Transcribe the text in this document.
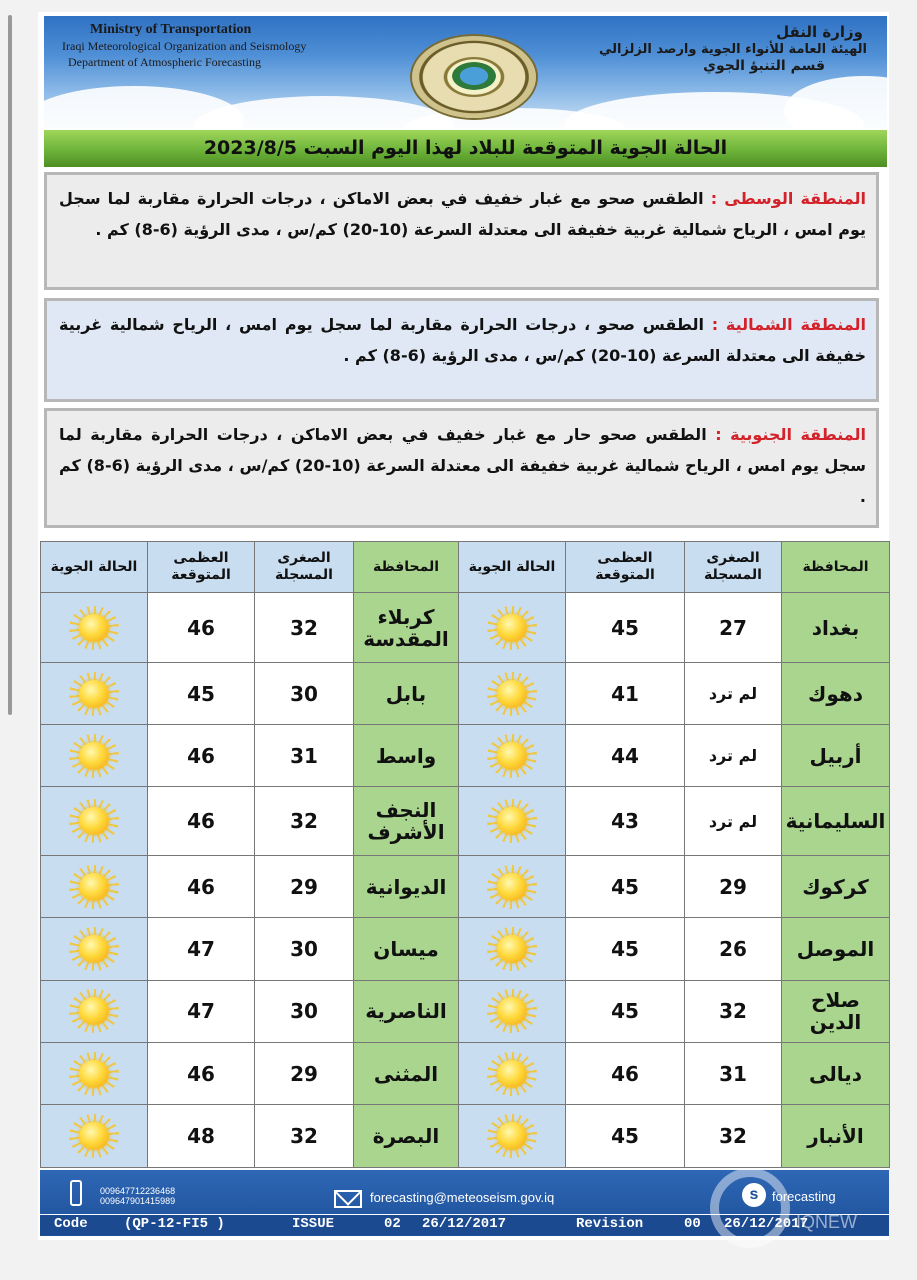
Ministry of Transportation
Iraqi Meteorological Organization and Seismology
Department of Atmospheric Forecasting
وزارة النقل
الهيئة العامة للأنواء الجوية وارصد الزلزالي
قسم التنبؤ الجوي
الحالة الجوية المتوقعة للبلاد لهذا اليوم السبت 2023/8/5
المنطقة الوسطى : الطقس صحو مع غبار خفيف في بعض الاماكن ، درجات الحرارة مقاربة لما سجل يوم امس ، الرياح شمالية غربية خفيفة الى معتدلة السرعة (10-20) كم/س ، مدى الرؤية (6-8) كم .
المنطقة الشمالية : الطقس صحو ، درجات الحرارة مقاربة لما سجل يوم امس ، الرياح شمالية غربية خفيفة الى معتدلة السرعة (10-20) كم/س ، مدى الرؤية (6-8) كم .
المنطقة الجنوبية : الطقس صحو حار مع غبار خفيف في بعض الاماكن ، درجات الحرارة مقاربة لما سجل يوم امس ، الرياح شمالية غربية خفيفة الى معتدلة السرعة (10-20) كم/س ، مدى الرؤية (6-8) كم .
الحالة الجوية	العظمى المتوقعة	الصغرى المسجلة	المحافظة	الحالة الجوية	العظمى المتوقعة	الصغرى المسجلة	المحافظة

	46	32	كربلاء المقدسة		45	27	بغداد

	45	30	بابل		41	لم ترد	دهوك

	46	31	واسط		44	لم ترد	أربيل

	46	32	النجف الأشرف		43	لم ترد	السليمانية

	46	29	الديوانية		45	29	كركوك

	47	30	ميسان		45	26	الموصل

	47	30	الناصرية		45	32	صلاح الدين

	46	29	المثنى		46	31	ديالى

	48	32	البصرة		45	32	الأنبار
009647712236468
009647901415989	forecasting@meteoseism.gov.iq	s	forecasting
Code	(QP-12-FI5 )	ISSUE	02 26/12/2017	Revision	00 26/12/2017
IQNEW
